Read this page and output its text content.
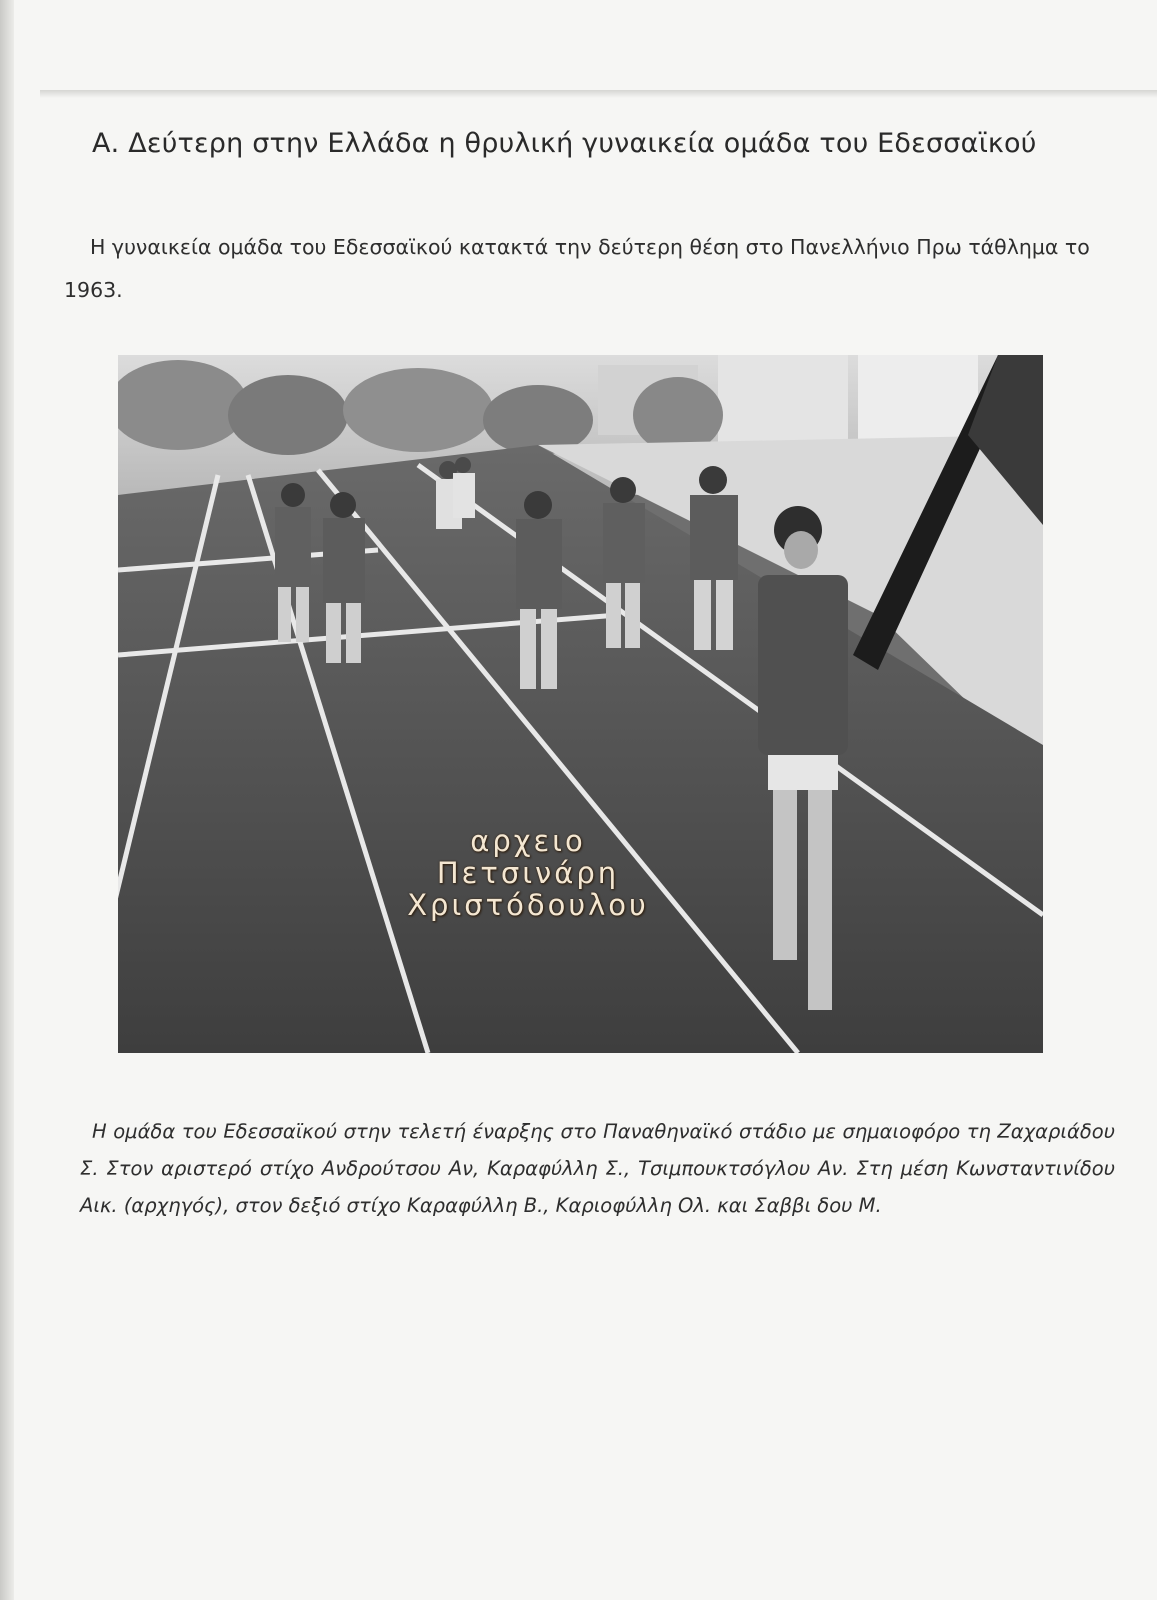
Α. Δεύτερη στην Ελλάδα η θρυλική γυναικεία ομάδα του Εδεσσαϊκού
Η γυναικεία ομάδα του Εδεσσαϊκού κατακτά την δεύτερη θέση στο Πανελλήνιο Πρω τάθλημα το 1963.
αρχειο
Πετσινάρη
Χριστόδουλου
Η ομάδα του Εδεσσαϊκού στην τελετή έναρξης στο Παναθηναϊκό στάδιο με σημαιοφόρο τη Ζαχαριάδου Σ. Στον αριστερό στίχο Ανδρούτσου Αν, Καραφύλλη Σ., Τσιμπουκτσόγλου Αν. Στη μέση Κωνσταντινίδου Αικ. (αρχηγός), στον δεξιό στίχο Καραφύλλη Β., Καριοφύλλη Ολ. και Σαββι δου Μ.
